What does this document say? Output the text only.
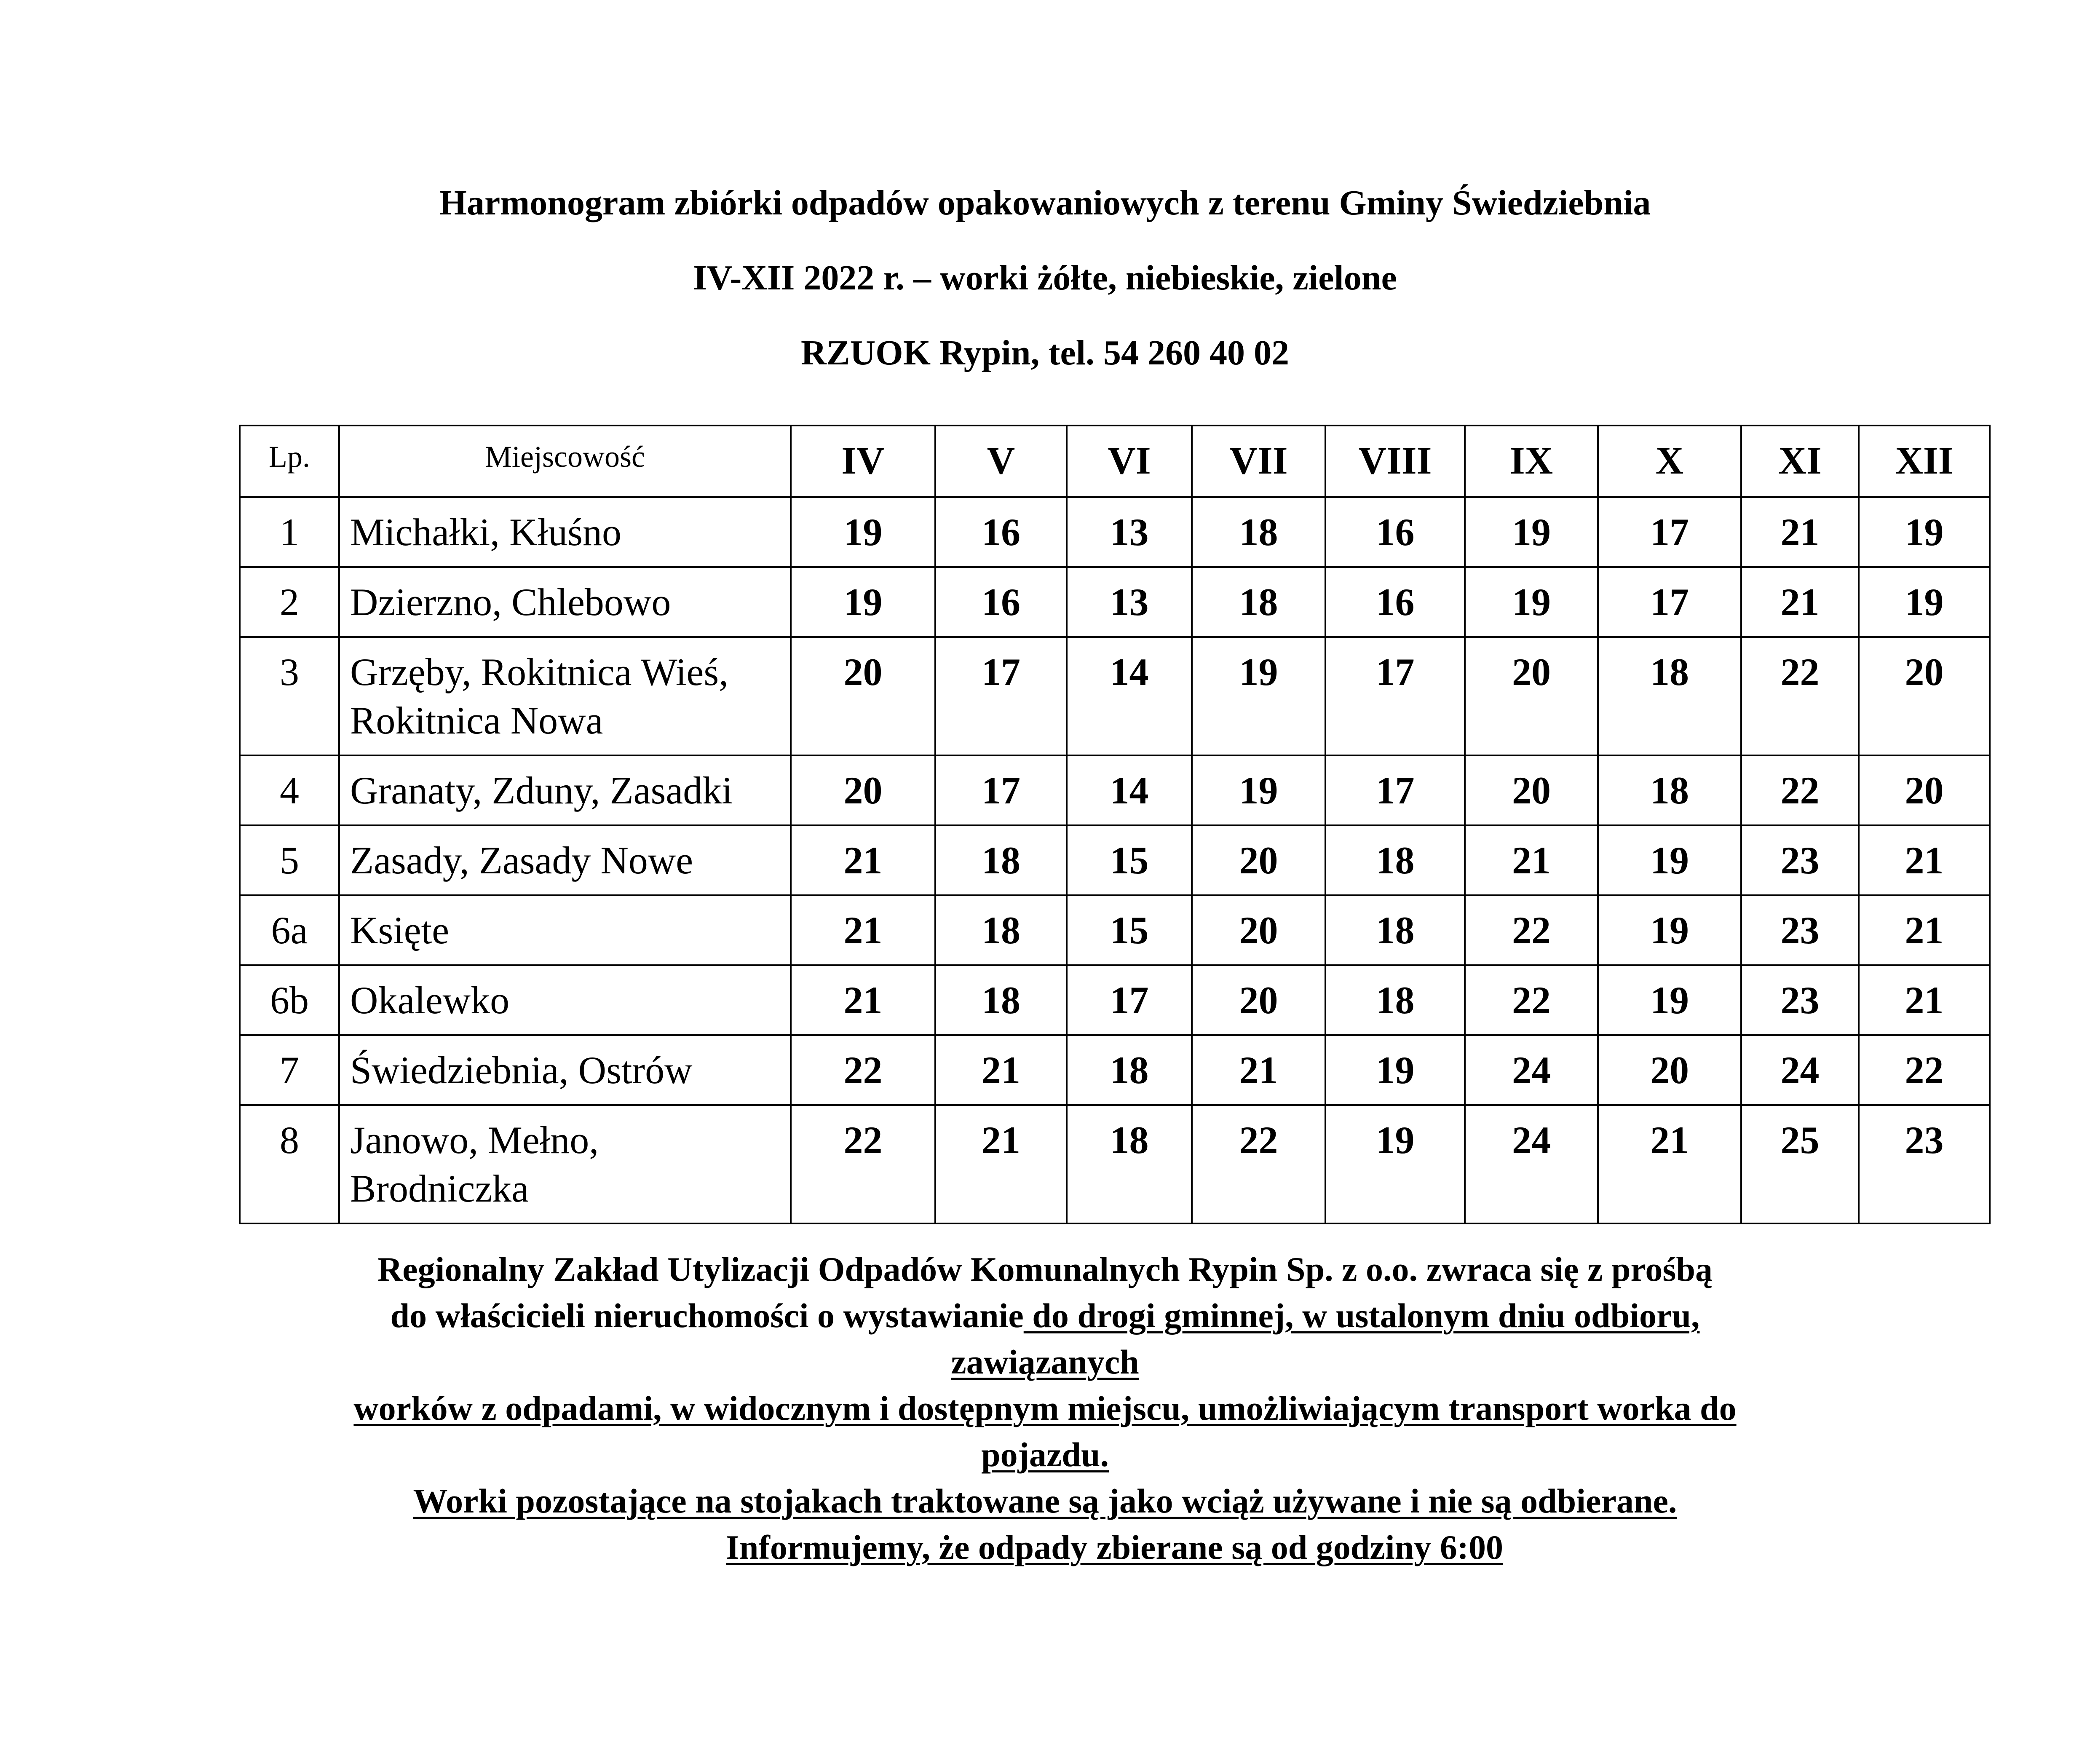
Harmonogram zbiórki odpadów opakowaniowych z terenu Gminy Świedziebnia
IV-XII 2022 r. – worki żółte, niebieskie, zielone
RZUOK Rypin, tel. 54 260 40 02
Lp.	Miejscowość	IV	V	VI	VII	VIII	IX	X	XI	XII
1	Michałki, Kłuśno	19	16	13	18	16	19	17	21	19
2	Dzierzno, Chlebowo	19	16	13	18	16	19	17	21	19
3	Grzęby, Rokitnica Wieś,
Rokitnica Nowa	20	17	14	19	17	20	18	22	20
4	Granaty, Zduny, Zasadki	20	17	14	19	17	20	18	22	20
5	Zasady, Zasady Nowe	21	18	15	20	18	21	19	23	21
6a	Księte	21	18	15	20	18	22	19	23	21
6b	Okalewko	21	18	17	20	18	22	19	23	21
7	Świedziebnia, Ostrów	22	21	18	21	19	24	20	24	22
8	Janowo, Mełno,
Brodniczka	22	21	18	22	19	24	21	25	23
Regionalny Zakład Utylizacji Odpadów Komunalnych Rypin Sp. z o.o. zwraca się z prośbą
do właścicieli nieruchomości o wystawianie do drogi gminnej, w ustalonym dniu odbioru,
zawiązanych
worków z odpadami, w widocznym i dostępnym miejscu, umożliwiającym transport worka do
pojazdu.
Worki pozostające na stojakach traktowane są jako wciąż używane i nie są odbierane.
Informujemy, że odpady zbierane są od godziny 6:00
